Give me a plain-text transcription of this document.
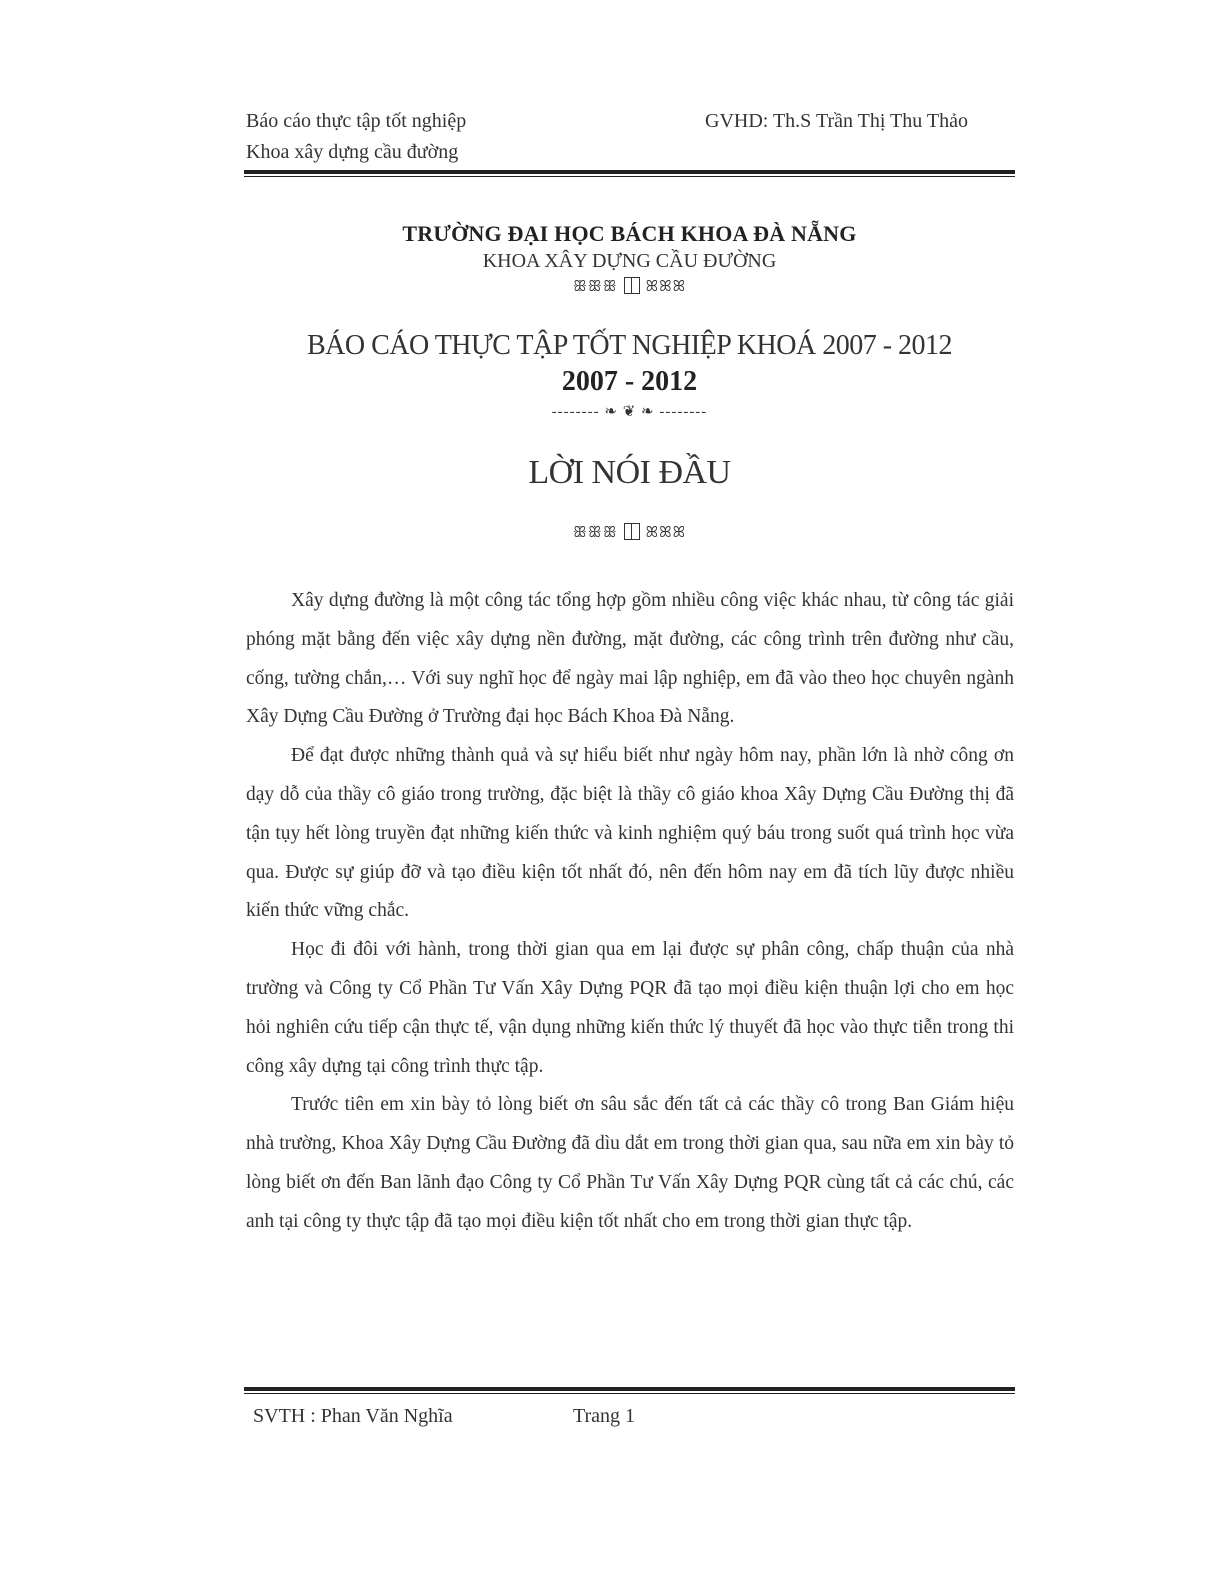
Báo cáo thực tập tốt nghiệp
Khoa xây dựng cầu đường
GVHD: Th.S Trần Thị Thu Thảo
TRƯỜNG ĐẠI HỌC BÁCH KHOA ĐÀ NẴNG
KHOA XÂY DỰNG CẦU ĐƯỜNG
ꕥꕥꕥ ꕤꕤꕤ
BÁO CÁO THỰC TẬP TỐT NGHIỆP KHOÁ 2007 - 2012
2007 - 2012
-------- ❧ ❦ ❧ --------
LỜI NÓI ĐẦU
ꕥꕥꕥ ꕤꕤꕤ

Xây dựng đường là một công tác tổng hợp gồm nhiều công việc khác nhau, từ công tác giải phóng mặt bằng đến việc xây dựng nền đường, mặt đường, các công trình trên đường như cầu, cống, tường chắn,… Với suy nghĩ học để ngày mai lập nghiệp, em đã vào theo học chuyên ngành Xây Dựng Cầu Đường ở Trường đại học Bách Khoa Đà Nẵng.

Để đạt được những thành quả và sự hiểu biết như ngày hôm nay, phần lớn là nhờ công ơn dạy dỗ của thầy cô giáo trong trường, đặc biệt là thầy cô giáo khoa Xây Dựng Cầu Đường thị đã tận tụy hết lòng truyền đạt những kiến thức và kinh nghiệm quý báu trong suốt quá trình học vừa qua. Được sự giúp đỡ và tạo điều kiện tốt nhất đó, nên đến hôm nay em đã tích lũy được nhiều kiến thức vững chắc.

Học đi đôi với hành, trong thời gian qua em lại được sự phân công, chấp thuận của nhà trường và Công ty Cổ Phần Tư Vấn Xây Dựng PQR đã tạo mọi điều kiện thuận lợi cho em học hỏi nghiên cứu tiếp cận thực tế, vận dụng những kiến thức lý thuyết đã học vào thực tiễn trong thi công xây dựng tại công trình thực tập.

Trước tiên em xin bày tỏ lòng biết ơn sâu sắc đến tất cả các thầy cô trong Ban Giám hiệu nhà trường, Khoa Xây Dựng Cầu Đường đã dìu dắt em trong thời gian qua, sau nữa em xin bày tỏ lòng biết ơn đến Ban lãnh đạo Công ty Cổ Phần Tư Vấn Xây Dựng PQR cùng tất cả các chú, các anh tại công ty thực tập đã tạo mọi điều kiện tốt nhất cho em trong thời gian thực tập.

SVTH : Phan Văn Nghĩa	Trang 1
